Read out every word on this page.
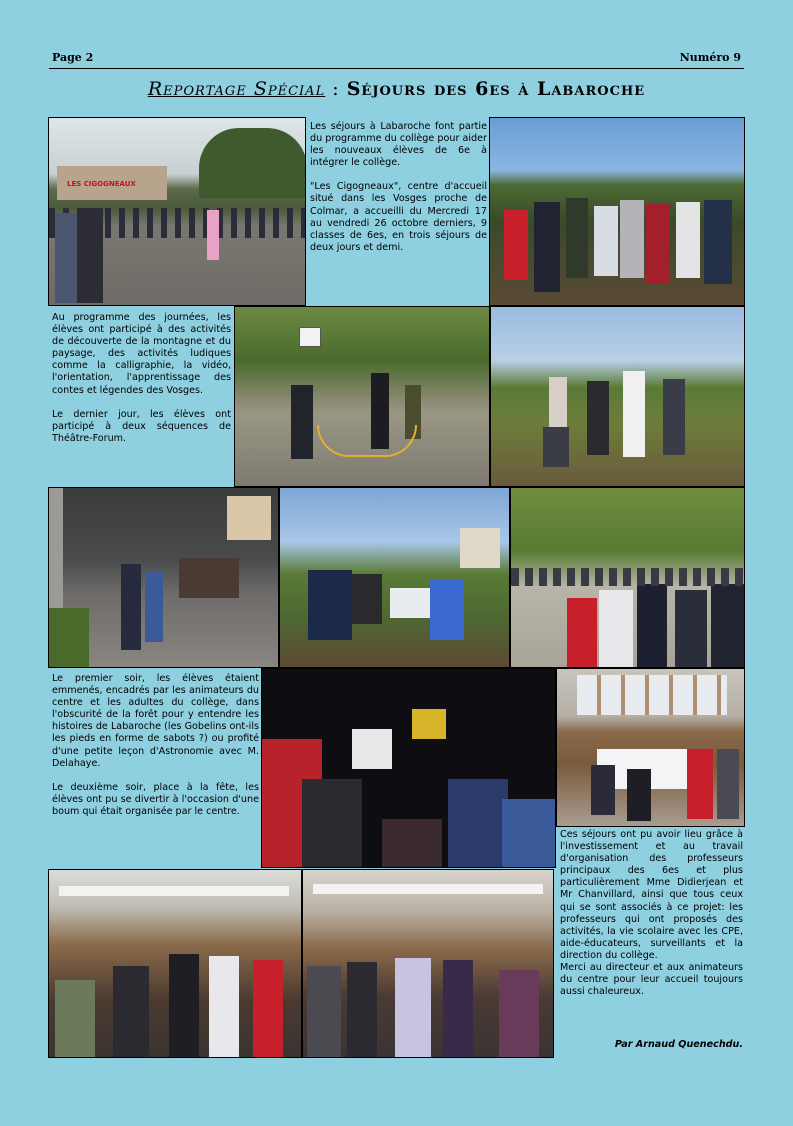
Page 2	Numéro 9
Reportage Spécial : Séjours des 6es à Labaroche
LES CIGOGNEAUX

Les séjours à Labaroche font partie du programme du collège pour aider les nouveaux élèves de 6e à intégrer le collège.

"Les Cigogneaux", centre d'accueil situé dans les Vosges proche de Colmar, a accueilli du Mercredi 17 au vendredi 26 octobre derniers, 9 classes de 6es, en trois séjours de deux jours et demi.

Au programme des journées, les élèves ont participé à des activités de découverte de la montagne et du paysage, des activités ludiques comme la calligraphie, la vidéo, l'orientation, l'apprentissage des contes et légendes des Vosges.

Le dernier jour, les élèves ont participé à deux séquences de Théâtre-Forum.

Le premier soir, les élèves étaient emmenés, encadrés par les animateurs du centre et les adultes du collège, dans l'obscurité de la forêt pour y entendre les histoires de Labaroche (les Gobelins ont-ils les pieds en forme de sabots ?) ou profité d'une petite leçon d'Astronomie avec M. Delahaye.

Le deuxième soir, place à la fête, les élèves ont pu se divertir à l'occasion d'une boum qui était organisée par le centre.

Ces séjours ont pu avoir lieu grâce à l'investissement et au travail d'organisation des professeurs principaux des 6es et plus particulièrement Mme Didierjean et Mr Chanvillard, ainsi que tous ceux qui se sont associés à ce projet: les professeurs qui ont proposés des activités, la vie scolaire avec les CPE, aide-éducateurs, surveillants et la direction du collège.

Merci au directeur et aux animateurs du centre pour leur accueil toujours aussi chaleureux.

Par Arnaud Quenechdu.
